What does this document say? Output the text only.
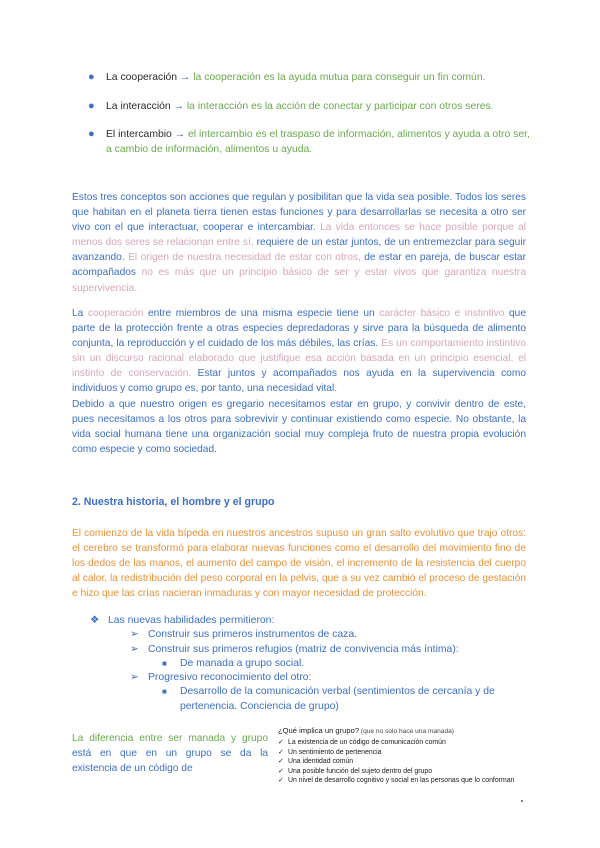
●	La cooperación → la cooperación es la ayuda mutua para conseguir un fin común.
●	La interacción → la interacción es la acción de conectar y participar con otros seres.
●	El intercambio → el intercambio es el traspaso de información, alimentos y ayuda a otro ser, a cambio de información, alimentos u ayuda.

Estos tres conceptos son acciones que regulan y posibilitan que la vida sea posible. Todos los seres que habitan en el planeta tierra tienen estas funciones y para desarrollarlas se necesita a otro ser vivo con el que interactuar, cooperar e intercambiar. La vida entonces se hace posible porque al menos dos seres se relacionan entre sí, requiere de un estar juntos, de un entremezclar para seguir avanzando. El origen de nuestra necesidad de estar con otros, de estar en pareja, de buscar estar acompañados no es más que un principio básico de ser y estar vivos que garantiza nuestra supervivencia.

La cooperación entre miembros de una misma especie tiene un carácter básico e instintivo que parte de la protección frente a otras especies depredadoras y sirve para la búsqueda de alimento conjunta, la reproducción y el cuidado de los más débiles, las crías. Es un comportamiento instintivo sin un discurso racional elaborado que justifique esa acción basada en un principio esencial, el instinto de conservación. Estar juntos y acompañados nos ayuda en la supervivencia como individuos y como grupo es, por tanto, una necesidad vital.
Debido a que nuestro origen es gregario necesitamos estar en grupo, y convivir dentro de este, pues necesitamos a los otros para sobrevivir y continuar existiendo como especie. No obstante, la vida social humana tiene una organización social muy compleja fruto de nuestra propia evolución como especie y como sociedad.

2. Nuestra historia, el hombre y el grupo

El comienzo de la vida bípeda en nuestros ancestros supuso un gran salto evolutivo que trajo otros: el cerebro se transformó para elaborar nuevas funciones como el desarrollo del movimiento fino de los dedos de las manos, el aumento del campo de visión, el incremento de la resistencia del cuerpo al calor, la redistribución del peso corporal en la pelvis, que a su vez cambió el proceso de gestación e hizo que las crías nacieran inmaduras y con mayor necesidad de protección.

❖ Las nuevas habilidades permitieron:
➢ Construir sus primeros instrumentos de caza.
➢ Construir sus primeros refugios (matriz de convivencia más íntima):
■	De manada a grupo social.
➢ Progresivo reconocimiento del otro:
■	Desarrollo de la comunicación verbal (sentimientos de cercanía y de pertenencia. Conciencia de grupo)

La diferencia entre ser manada y grupo está en que en un grupo se da la existencia de un código de

¿Qué implica un grupo? (que no solo hace una manada)
✓ La existencia de un código de comunicación común
✓ Un sentimiento de pertenencia
✓ Una identidad común
✓ Una posible función del sujeto dentro del grupo
✓ Un nivel de desarrollo cognitivo y social en las personas que lo conforman
